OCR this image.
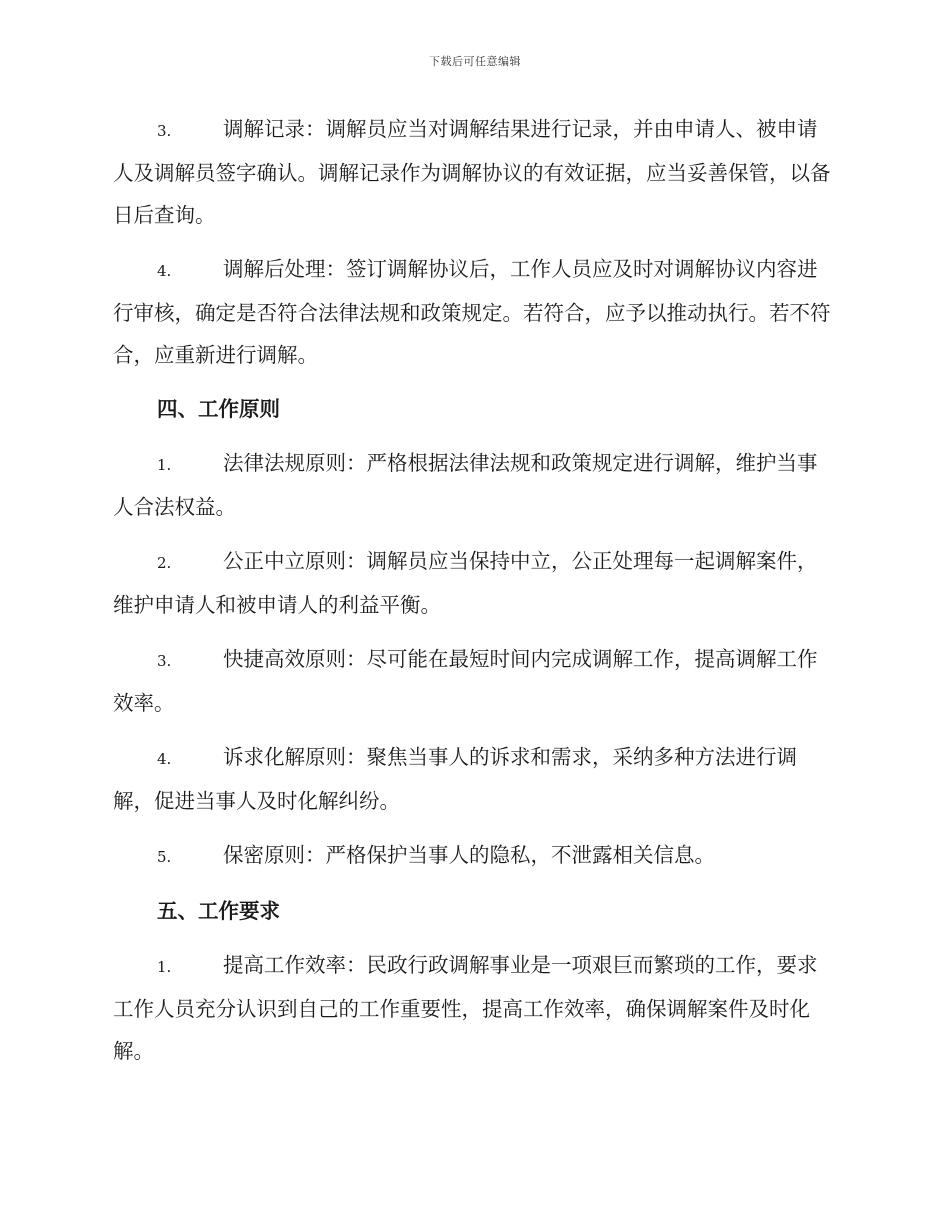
下载后可任意编辑

3.	调解记录：调解员应当对调解结果进行记录，并由申请人、被申请人及调解员签字确认。调解记录作为调解协议的有效证据，应当妥善保管，以备日后查询。

4.	调解后处理：签订调解协议后，工作人员应及时对调解协议内容进行审核，确定是否符合法律法规和政策规定。若符合，应予以推动执行。若不符合，应重新进行调解。

四、工作原则

1.	法律法规原则：严格根据法律法规和政策规定进行调解，维护当事人合法权益。

2.	公正中立原则：调解员应当保持中立，公正处理每一起调解案件，维护申请人和被申请人的利益平衡。

3.	快捷高效原则：尽可能在最短时间内完成调解工作，提高调解工作效率。

4.	诉求化解原则：聚焦当事人的诉求和需求，采纳多种方法进行调解，促进当事人及时化解纠纷。

5.	保密原则：严格保护当事人的隐私，不泄露相关信息。

五、工作要求

1.	提高工作效率：民政行政调解事业是一项艰巨而繁琐的工作，要求工作人员充分认识到自己的工作重要性，提高工作效率，确保调解案件及时化解。
